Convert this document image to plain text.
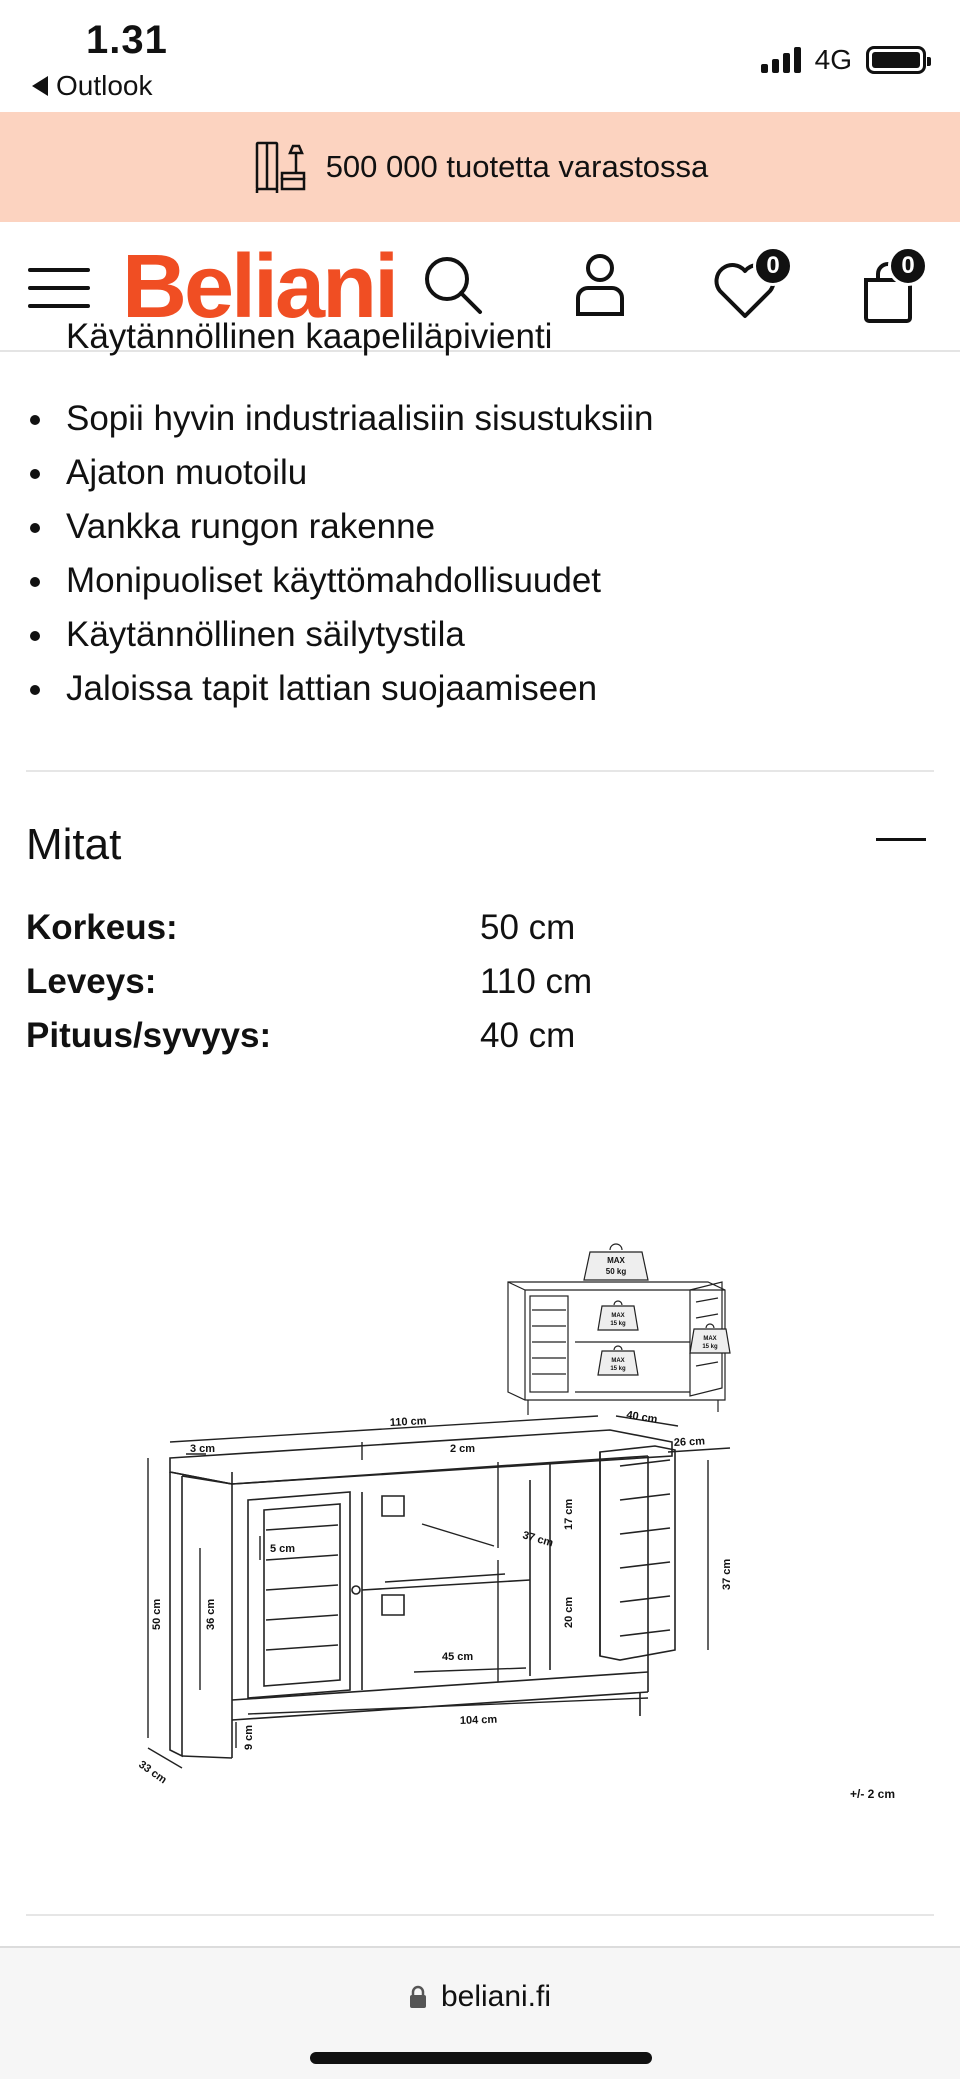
1.31
Outlook
4G
500 000 tuotetta varastossa
Beliani	0	0
Sopii hyvin industriaalisiin sisustuksiin
Ajaton muotoilu
Vankka rungon rakenne
Monipuoliset käyttömahdollisuudet
Käytännöllinen säilytystila
Jaloissa tapit lattian suojaamiseen
Käytännöllinen kaapeliläpivienti
Mitat
Korkeus:	50 cm
Leveys:	110 cm
Pituus/syvyys:	40 cm
MAX
50 kg
MAX
15 kg
MAX
15 kg
MAX
15 kg
110 cm	40 cm
50 cm
3 cm	2 cm
26 cm
37 cm
17 cm
20 cm
37 cm
36 cm
5 cm
45 cm
9 cm
104 cm
33 cm
+/- 2 cm
beliani.fi
